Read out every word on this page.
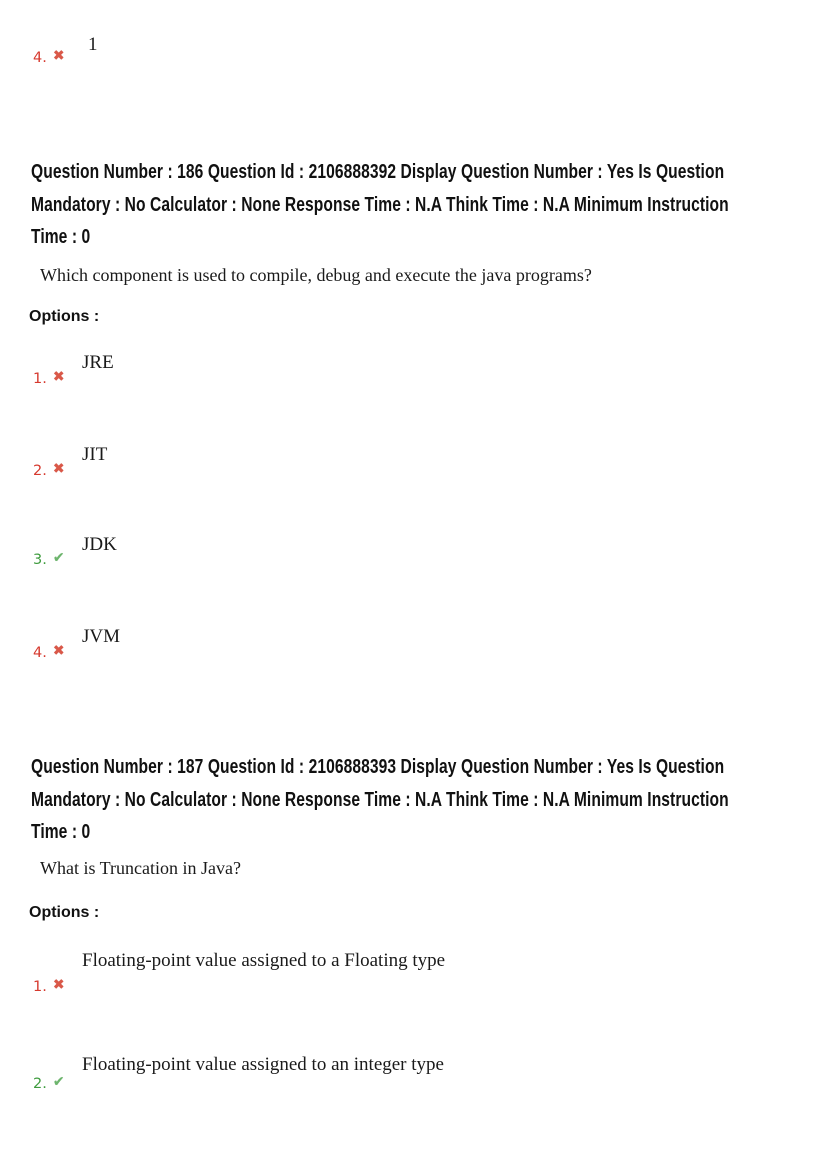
1
4. ✖
Question Number : 186 Question Id : 2106888392 Display Question Number : Yes Is Question
Mandatory : No Calculator : None Response Time : N.A Think Time : N.A Minimum Instruction
Time : 0
Which component is used to compile, debug and execute the java programs?
Options :
JRE
1. ✖
JIT
2. ✖
JDK
3. ✔
JVM
4. ✖
Question Number : 187 Question Id : 2106888393 Display Question Number : Yes Is Question
Mandatory : No Calculator : None Response Time : N.A Think Time : N.A Minimum Instruction
Time : 0
What is Truncation in Java?
Options :
Floating-point value assigned to a Floating type
1. ✖
Floating-point value assigned to an integer type
2. ✔
